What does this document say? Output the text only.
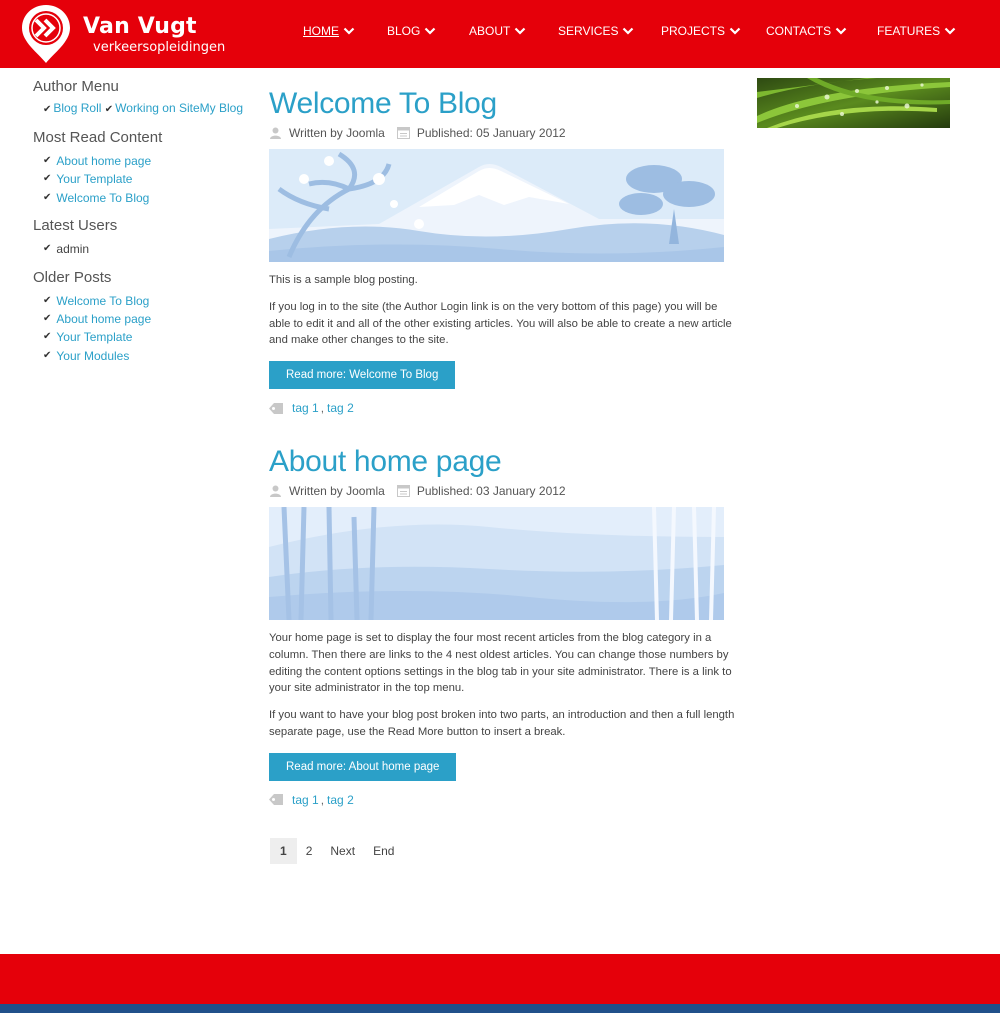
Van Vugt
verkeersopleidingen
HOME	BLOG	ABOUT	SERVICES	PROJECTS	CONTACTS	FEATURES
Author Menu
✔ Blog Roll ✔ Working on SiteMy Blog
Most Read Content
✔ About home page
✔ Your Template
✔ Welcome To Blog
Latest Users
✔ admin
Older Posts
✔ Welcome To Blog
✔ About home page
✔ Your Template
✔ Your Modules
Welcome To Blog
Written by Joomla	Published: 05 January 2012

This is a sample blog posting.

If you log in to the site (the Author Login link is on the very bottom of this page) you will be able to edit it and all of the other existing articles. You will also be able to create a new article and make other changes to the site.

Read more: Welcome To Blog
tag 1 , tag 2
About home page
Written by Joomla	Published: 03 January 2012

Your home page is set to display the four most recent articles from the blog category in a column. Then there are links to the 4 nest oldest articles. You can change those numbers by editing the content options settings in the blog tab in your site administrator. There is a link to your site administrator in the top menu.

If you want to have your blog post broken into two parts, an introduction and then a full length separate page, use the Read More button to insert a break.

Read more: About home page
tag 1 , tag 2
1	2	Next	End
